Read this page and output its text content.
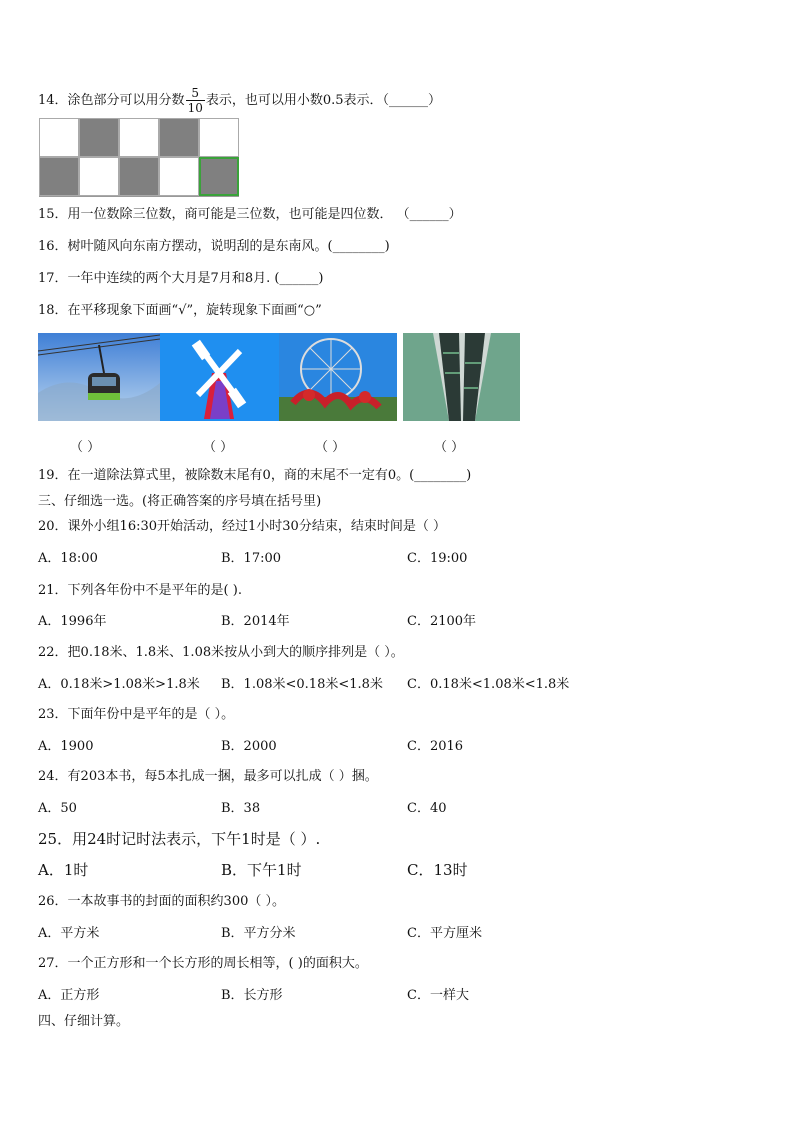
14．涂色部分可以用分数 $\frac{5}{10}$ 表示，也可以用小数0.5表示．（______）
15．用一位数除三位数，商可能是三位数，也可能是四位数． （______）
16．树叶随风向东南方摆动，说明刮的是东南风。(________)
17．一年中连续的两个大月是7月和8月. (______)
18．在平移现象下面画“√”，旋转现象下面画“○”
（ ）	（ ）	（ ）	（ ）
19．在一道除法算式里，被除数末尾有0，商的末尾不一定有0。(________)
三、仔细选一选。(将正确答案的序号填在括号里)
20．课外小组16:30开始活动，经过1小时30分结束，结束时间是（ ）
A．18:00	B．17:00	C．19:00
21．下列各年份中不是平年的是( ).
A．1996年	B．2014年	C．2100年
22．把0.18米、1.8米、1.08米按从小到大的顺序排列是（ ）。
A．0.18米>1.08米>1.8米 B．1.08米<0.18米<1.8米 C．0.18米<1.08米<1.8米
23．下面年份中是平年的是（ ）。
A．1900	B．2000	C．2016
24．有203本书，每5本扎成一捆，最多可以扎成（ ）捆。
A．50	B．38	C．40
25．用24时记时法表示，下午1时是（ ）.
A．1时	B．下午1时	C．13时
26．一本故事书的封面的面积约300（ ）。
A．平方米	B．平方分米	C．平方厘米
27．一个正方形和一个长方形的周长相等，( )的面积大。
A．正方形	B．长方形	C．一样大
四、仔细计算。
